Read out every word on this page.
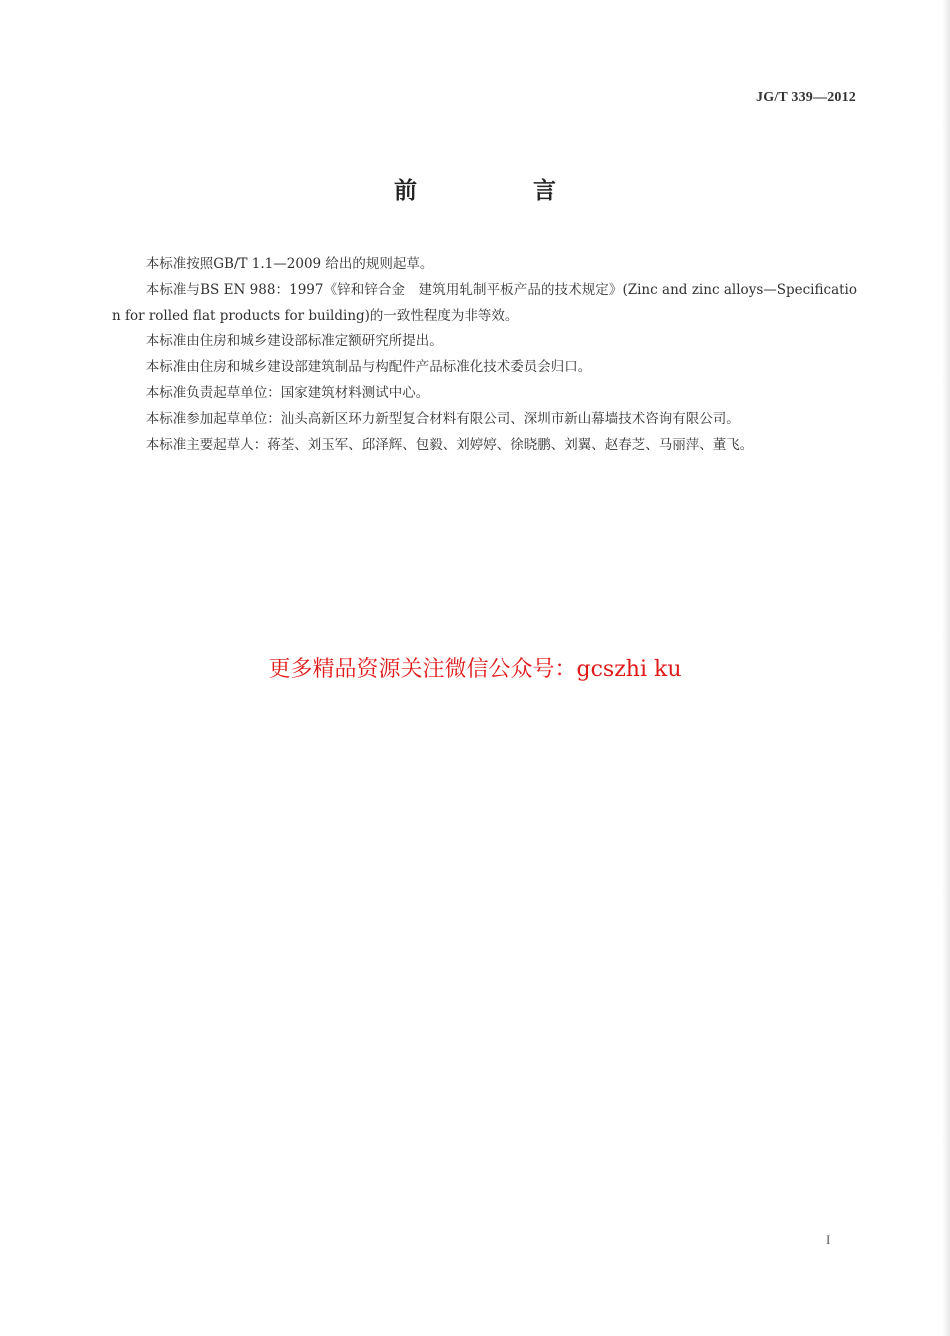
JG/T 339—2012
前 言

本标准按照GB/T 1.1—2009 给出的规则起草。

本标准与BS EN 988：1997《锌和锌合金　建筑用轧制平板产品的技术规定》(Zinc and zinc alloys—Specification for rolled flat products for building)的一致性程度为非等效。

本标准由住房和城乡建设部标准定额研究所提出。

本标准由住房和城乡建设部建筑制品与构配件产品标准化技术委员会归口。

本标准负责起草单位：国家建筑材料测试中心。

本标准参加起草单位：汕头高新区环力新型复合材料有限公司、深圳市新山幕墙技术咨询有限公司。

本标准主要起草人：蒋荃、刘玉军、邱泽辉、包毅、刘婷婷、徐晓鹏、刘翼、赵春芝、马丽萍、董飞。

更多精品资源关注微信公众号：gcszhi ku
I
